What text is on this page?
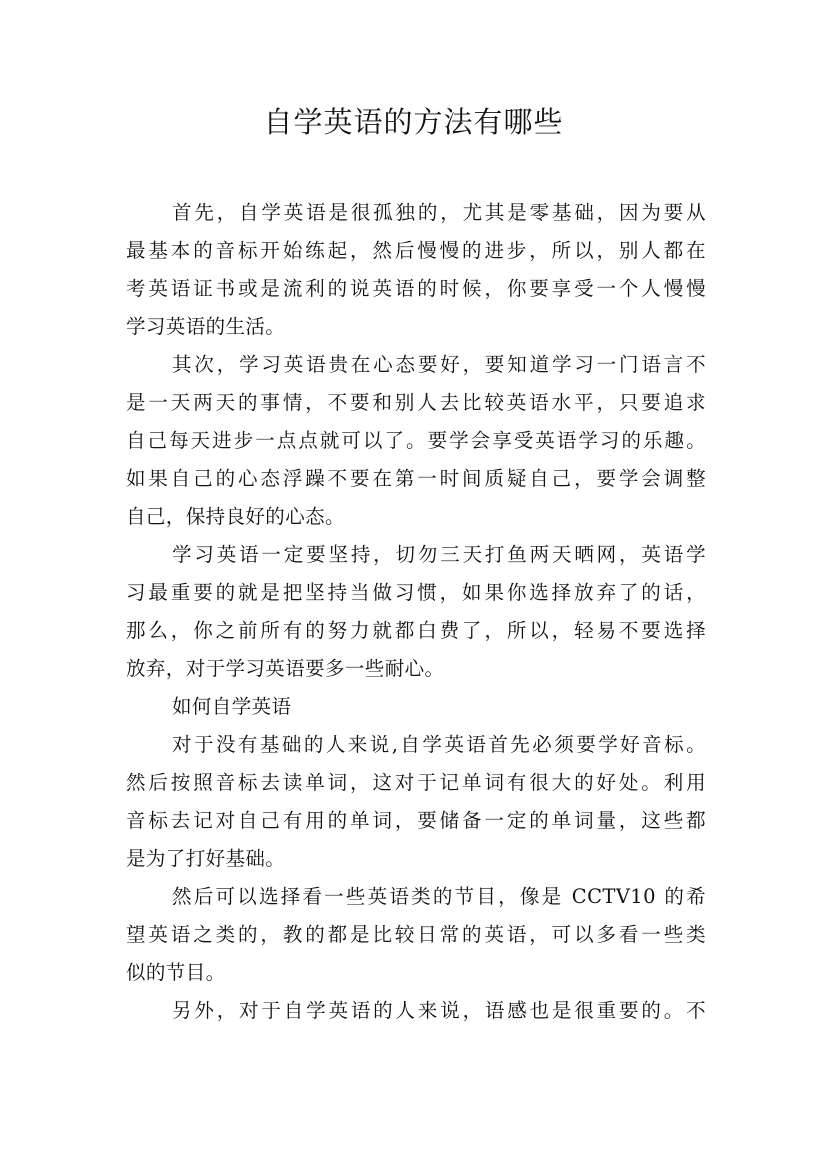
自学英语的方法有哪些
首先，自学英语是很孤独的，尤其是零基础，因为要从
最基本的音标开始练起，然后慢慢的进步，所以，别人都在
考英语证书或是流利的说英语的时候，你要享受一个人慢慢
学习英语的生活。
其次，学习英语贵在心态要好，要知道学习一门语言不
是一天两天的事情，不要和别人去比较英语水平，只要追求
自己每天进步一点点就可以了。要学会享受英语学习的乐趣。
如果自己的心态浮躁不要在第一时间质疑自己，要学会调整
自己，保持良好的心态。
学习英语一定要坚持，切勿三天打鱼两天晒网，英语学
习最重要的就是把坚持当做习惯，如果你选择放弃了的话，
那么，你之前所有的努力就都白费了，所以，轻易不要选择
放弃，对于学习英语要多一些耐心。
如何自学英语
对于没有基础的人来说,自学英语首先必须要学好音标。
然后按照音标去读单词，这对于记单词有很大的好处。利用
音标去记对自己有用的单词，要储备一定的单词量，这些都
是为了打好基础。
然后可以选择看一些英语类的节目，像是 CCTV10 的希
望英语之类的，教的都是比较日常的英语，可以多看一些类
似的节目。
另外，对于自学英语的人来说，语感也是很重要的。不
